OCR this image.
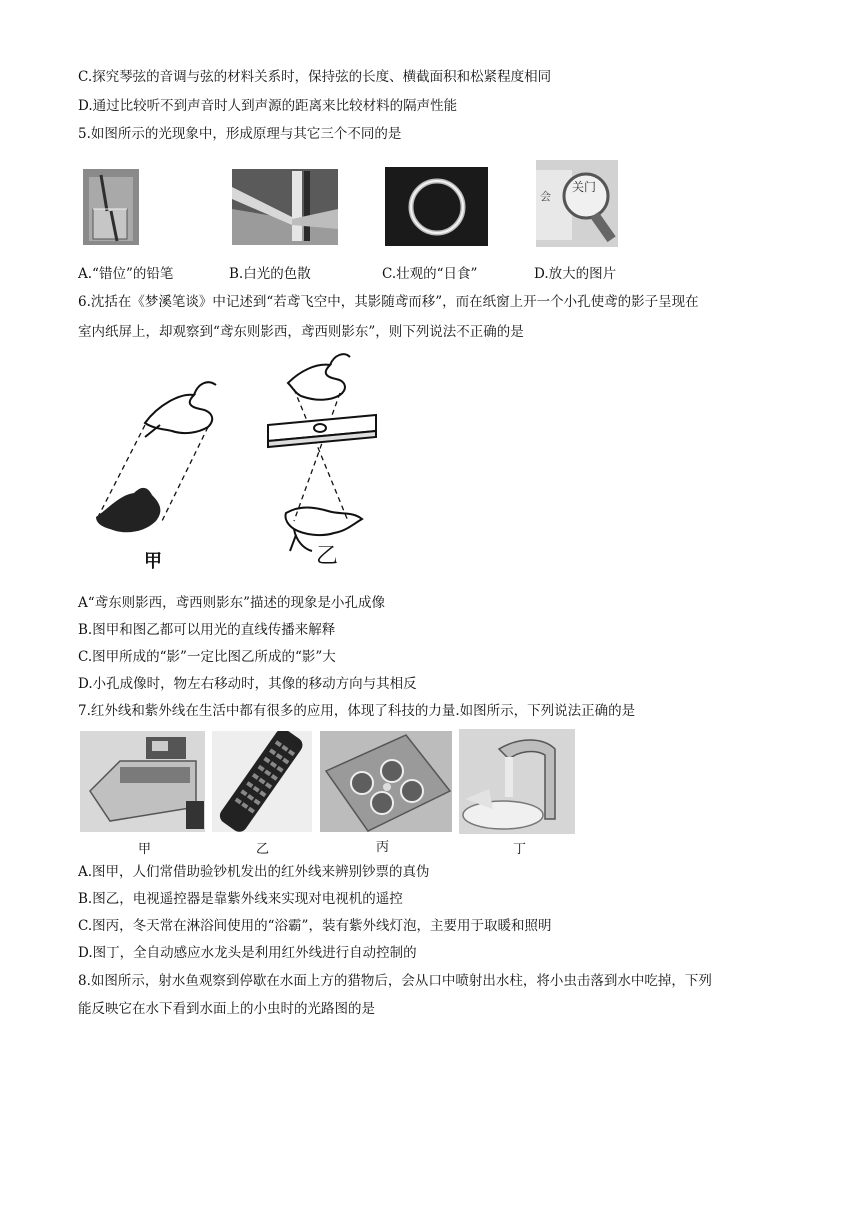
C.探究琴弦的音调与弦的材料关系时，保持弦的长度、横截面积和松紧程度相同
D.通过比较听不到声音时人到声源的距离来比较材料的隔声性能
5.如图所示的光现象中，形成原理与其它三个不同的是
会
关门
A.“错位”的铅笔	B.白光的色散	C.壮观的“日食”	D.放大的图片
6.沈括在《梦溪笔谈》中记述到“若鸢飞空中，其影随鸢而移”，而在纸窗上开一个小孔使鸢的影子呈现在
室内纸屏上，却观察到“鸢东则影西，鸢西则影东”，则下列说法不正确的是
甲	乙
A“鸢东则影西，鸢西则影东”描述的现象是小孔成像
B.图甲和图乙都可以用光的直线传播来解释
C.图甲所成的“影”一定比图乙所成的“影”大
D.小孔成像时，物左右移动时，其像的移动方向与其相反
7.红外线和紫外线在生活中都有很多的应用，体现了科技的力量.如图所示，下列说法正确的是
甲	乙	丙	丁
A.图甲，人们常借助验钞机发出的红外线来辨别钞票的真伪
B.图乙，电视遥控器是靠紫外线来实现对电视机的遥控
C.图丙，冬天常在淋浴间使用的“浴霸”，装有紫外线灯泡，主要用于取暖和照明
D.图丁，全自动感应水龙头是利用红外线进行自动控制的
8.如图所示，射水鱼观察到停歇在水面上方的猎物后，会从口中喷射出水柱，将小虫击落到水中吃掉，下列
能反映它在水下看到水面上的小虫时的光路图的是
